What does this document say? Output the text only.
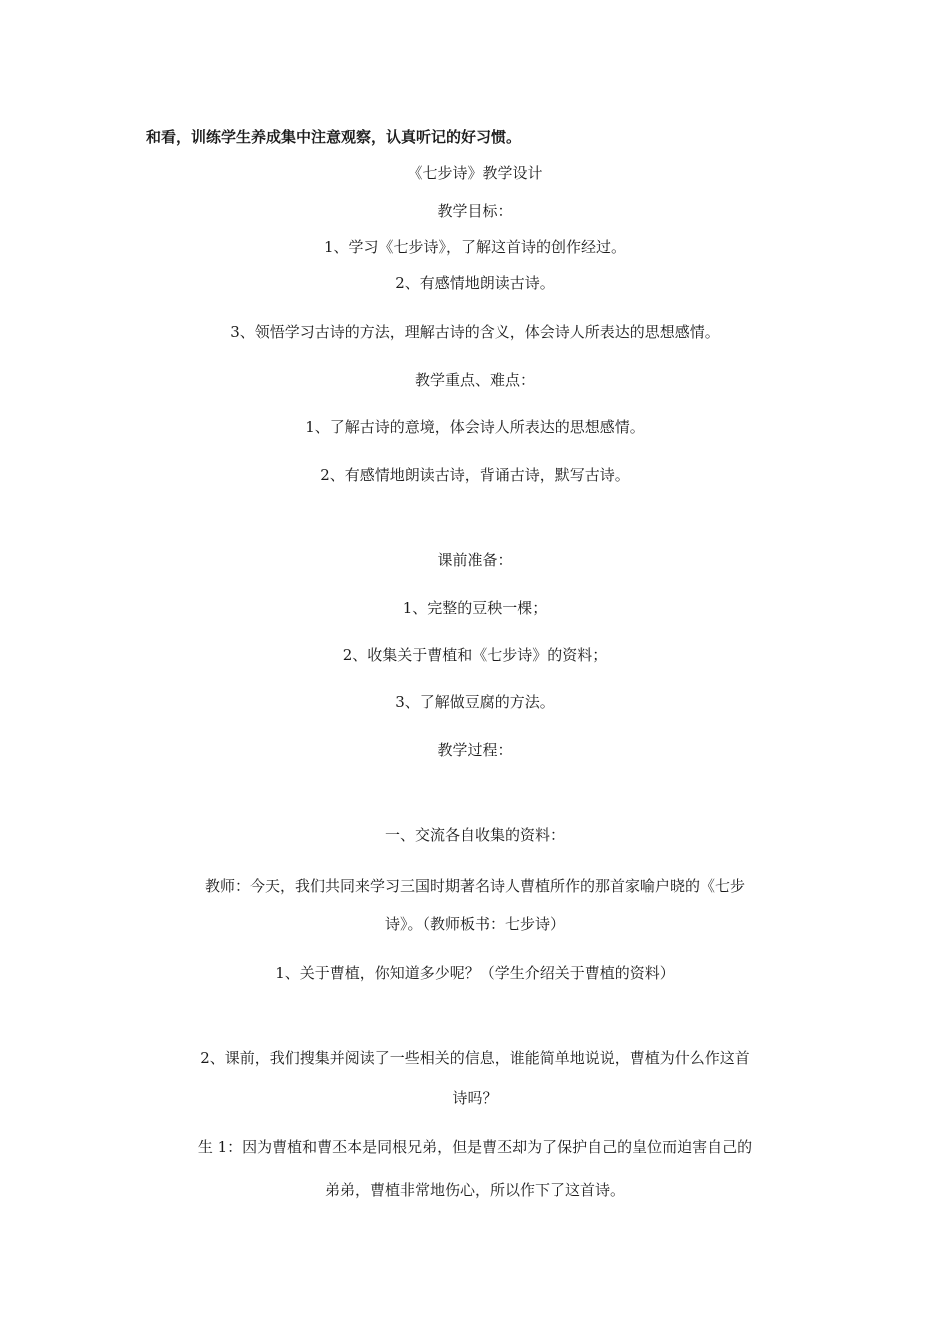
和看，训练学生养成集中注意观察，认真听记的好习惯。
《七步诗》教学设计
教学目标：
1、学习《七步诗》，了解这首诗的创作经过。
2、有感情地朗读古诗。
3、领悟学习古诗的方法，理解古诗的含义，体会诗人所表达的思想感情。
教学重点、难点：
1、了解古诗的意境，体会诗人所表达的思想感情。
2、有感情地朗读古诗，背诵古诗，默写古诗。
课前准备：
1、完整的豆秧一棵；
2、收集关于曹植和《七步诗》的资料；
3、了解做豆腐的方法。
教学过程：
一、交流各自收集的资料：
教师：今天，我们共同来学习三国时期著名诗人曹植所作的那首家喻户晓的《七步
诗》。（教师板书：七步诗）
1、关于曹植，你知道多少呢？（学生介绍关于曹植的资料）
2、课前，我们搜集并阅读了一些相关的信息，谁能简单地说说，曹植为什么作这首
诗吗？
生 1：因为曹植和曹丕本是同根兄弟，但是曹丕却为了保护自己的皇位而迫害自己的
弟弟，曹植非常地伤心，所以作下了这首诗。
